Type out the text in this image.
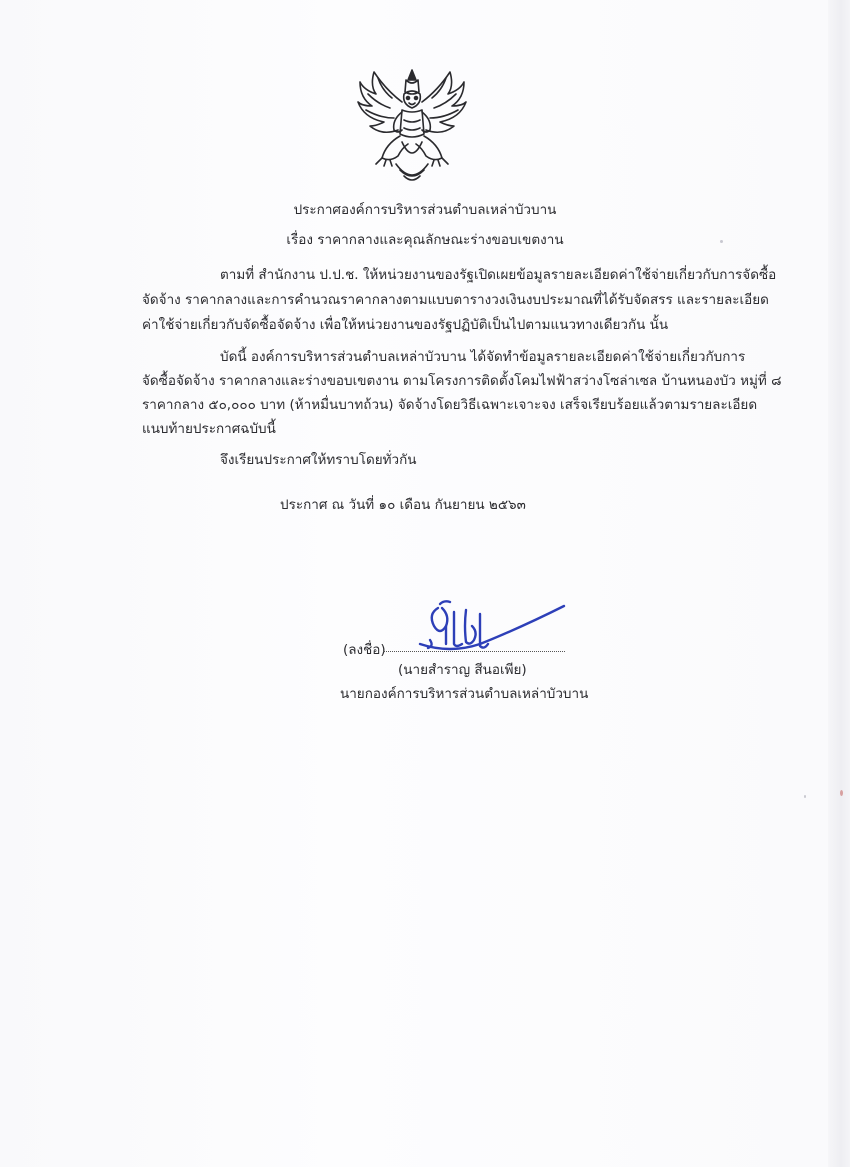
ประกาศองค์การบริหารส่วนตำบลเหล่าบัวบาน
เรื่อง ราคากลางและคุณลักษณะร่างขอบเขตงาน
ตามที่ สำนักงาน ป.ป.ช. ให้หน่วยงานของรัฐเปิดเผยข้อมูลรายละเอียดค่าใช้จ่ายเกี่ยวกับการจัดซื้อ
จัดจ้าง ราคากลางและการคำนวณราคากลางตามแบบตารางวงเงินงบประมาณที่ได้รับจัดสรร และรายละเอียด
ค่าใช้จ่ายเกี่ยวกับจัดซื้อจัดจ้าง เพื่อให้หน่วยงานของรัฐปฏิบัติเป็นไปตามแนวทางเดียวกัน นั้น
บัดนี้ องค์การบริหารส่วนตำบลเหล่าบัวบาน ได้จัดทำข้อมูลรายละเอียดค่าใช้จ่ายเกี่ยวกับการ
จัดซื้อจัดจ้าง ราคากลางและร่างขอบเขตงาน ตามโครงการติดตั้งโคมไฟฟ้าสว่างโซล่าเซล บ้านหนองบัว หมู่ที่ ๘
ราคากลาง ๕๐,๐๐๐ บาท (ห้าหมื่นบาทถ้วน) จัดจ้างโดยวิธีเฉพาะเจาะจง เสร็จเรียบร้อยแล้วตามรายละเอียด
แนบท้ายประกาศฉบับนี้
จึงเรียนประกาศให้ทราบโดยทั่วกัน
ประกาศ ณ วันที่ ๑๐ เดือน กันยายน ๒๕๖๓
(ลงชื่อ)
(นายสำราญ สีนอเพีย)
นายกองค์การบริหารส่วนตำบลเหล่าบัวบาน
